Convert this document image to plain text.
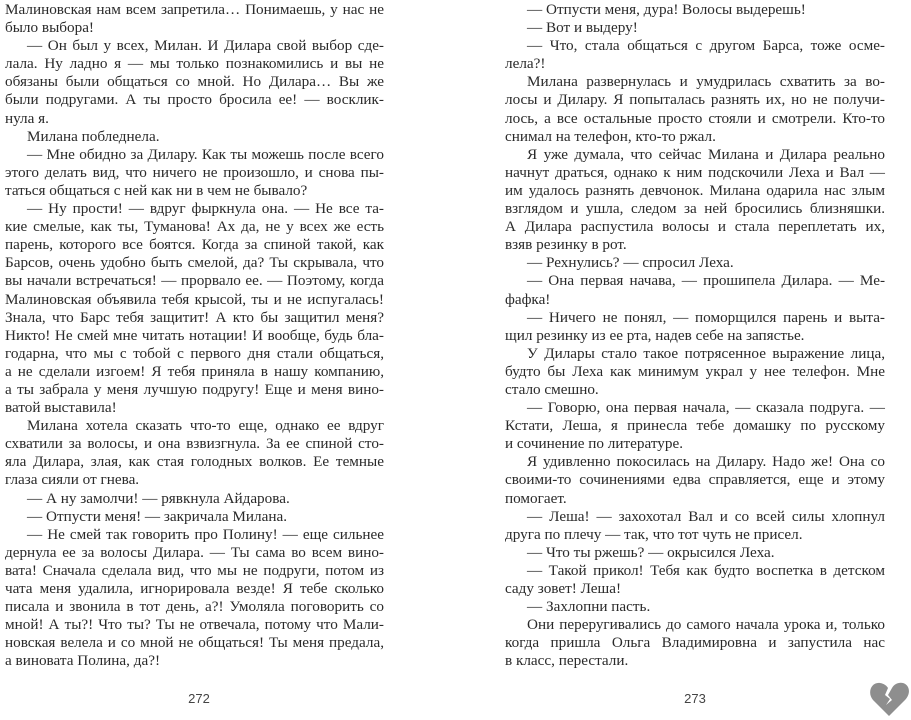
Малиновская нам всем запретила… Понимаешь, у нас не
было выбора!
— Он был у всех, Милан. И Дилара свой выбор сде-
лала. Ну ладно я — мы только познакомились и вы не
обязаны были общаться со мной. Но Дилара… Вы же
были подругами. А ты просто бросила ее! — восклик-
нула я.
Милана побледнела.
— Мне обидно за Дилару. Как ты можешь после всего
этого делать вид, что ничего не произошло, и снова пы-
таться общаться с ней как ни в чем не бывало?
— Ну прости! — вдруг фыркнула она. — Не все та-
кие смелые, как ты, Туманова! Ах да, не у всех же есть
парень, которого все боятся. Когда за спиной такой, как
Барсов, очень удобно быть смелой, да? Ты скрывала, что
вы начали встречаться! — прорвало ее. — Поэтому, когда
Малиновская объявила тебя крысой, ты и не испугалась!
Знала, что Барс тебя защитит! А кто бы защитил меня?
Никто! Не смей мне читать нотации! И вообще, будь бла-
годарна, что мы с тобой с первого дня стали общаться,
а не сделали изгоем! Я тебя приняла в нашу компанию,
а ты забрала у меня лучшую подругу! Еще и меня вино-
ватой выставила!
Милана хотела сказать что-то еще, однако ее вдруг
схватили за волосы, и она взвизгнула. За ее спиной сто-
яла Дилара, злая, как стая голодных волков. Ее темные
глаза сияли от гнева.
— А ну замолчи! — рявкнула Айдарова.
— Отпусти меня! — закричала Милана.
— Не смей так говорить про Полину! — еще сильнее
дернула ее за волосы Дилара. — Ты сама во всем вино-
вата! Сначала сделала вид, что мы не подруги, потом из
чата меня удалила, игнорировала везде! Я тебе сколько
писала и звонила в тот день, а?! Умоляла поговорить со
мной! А ты?! Что ты? Ты не отвечала, потому что Мали-
новская велела и со мной не общаться! Ты меня предала,
а виновата Полина, да?!
272
— Отпусти меня, дура! Волосы выдерешь!
— Вот и выдеру!
— Что, стала общаться с другом Барса, тоже осме-
лела?!
Милана развернулась и умудрилась схватить за во-
лосы и Дилару. Я попыталась разнять их, но не получи-
лось, а все остальные просто стояли и смотрели. Кто-то
снимал на телефон, кто-то ржал.
Я уже думала, что сейчас Милана и Дилара реально
начнут драться, однако к ним подскочили Леха и Вал —
им удалось разнять девчонок. Милана одарила нас злым
взглядом и ушла, следом за ней бросились близняшки.
А Дилара распустила волосы и стала переплетать их,
взяв резинку в рот.
— Рехнулись? — спросил Леха.
— Она первая начава, — прошипела Дилара. — Ме-
фафка!
— Ничего не понял, — поморщился парень и выта-
щил резинку из ее рта, надев себе на запястье.
У Дилары стало такое потрясенное выражение лица,
будто бы Леха как минимум украл у нее телефон. Мне
стало смешно.
— Говорю, она первая начала, — сказала подруга. —
Кстати, Леша, я принесла тебе домашку по русскому
и сочинение по литературе.
Я удивленно покосилась на Дилару. Надо же! Она со
своими-то сочинениями едва справляется, еще и этому
помогает.
— Леша! — захохотал Вал и со всей силы хлопнул
друга по плечу — так, что тот чуть не присел.
— Что ты ржешь? — окрысился Леха.
— Такой прикол! Тебя как будто воспетка в детском
саду зовет! Леша!
— Захлопни пасть.
Они переругивались до самого начала урока и, только
когда пришла Ольга Владимировна и запустила нас
в класс, перестали.
273
